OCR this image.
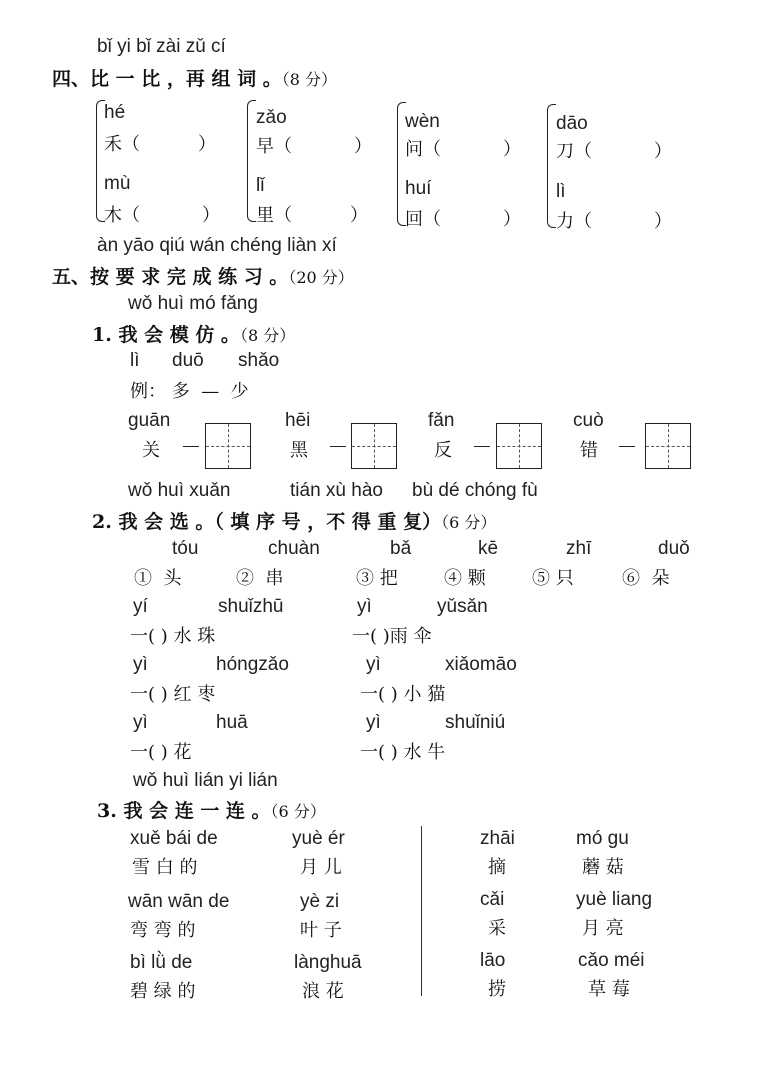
bǐ yi bǐ zài zǔ cí
四、比 一 比 ，再 组 词 。（8 分）
hé
禾（	）
mù
木（	）
zǎo
早（	）
lǐ
里（	）
wèn
问（	）
huí
回（	）
dāo
刀（	）
lì
力（	）
àn yāo qiú wán chéng liàn xí
五、按 要 求 完 成 练 习 。（20 分）
wǒ huì mó fǎng
1. 我 会 模 仿 。（8 分）
lì duō shǎo
例： 多 — 少
guān
关
hēi
黑
fǎn
反
cuò
错
wǒ huì xuǎn	tián xù hào bù dé chóng fù
2. 我 会 选 。（ 填 序 号 ，不 得 重 复）（6 分）
tóu	chuàn	bǎ	kē	zhī	duǒ
① 头	② 串	③ 把	④ 颗	⑤ 只	⑥ 朵
yí	shuǐzhū
一( ) 水 珠
yì	yǔsǎn
一( )雨 伞
yì	hóngzǎo
一( ) 红 枣
yì	xiǎomāo
一( ) 小 猫
yì	huā
一( ) 花
yì	shuǐniú
一( ) 水 牛
wǒ huì lián yi lián
3. 我 会 连 一 连 。（6 分）
xuě bái de
雪 白 的
yuè ér
月 儿
wān wān de
弯 弯 的
yè zi
叶 子
bì lǜ de
碧 绿 的
lànghuā
浪 花
zhāi
摘
mó gu
蘑 菇
cǎi
采
yuè liang
月 亮
lāo
捞
cǎo méi
草 莓
